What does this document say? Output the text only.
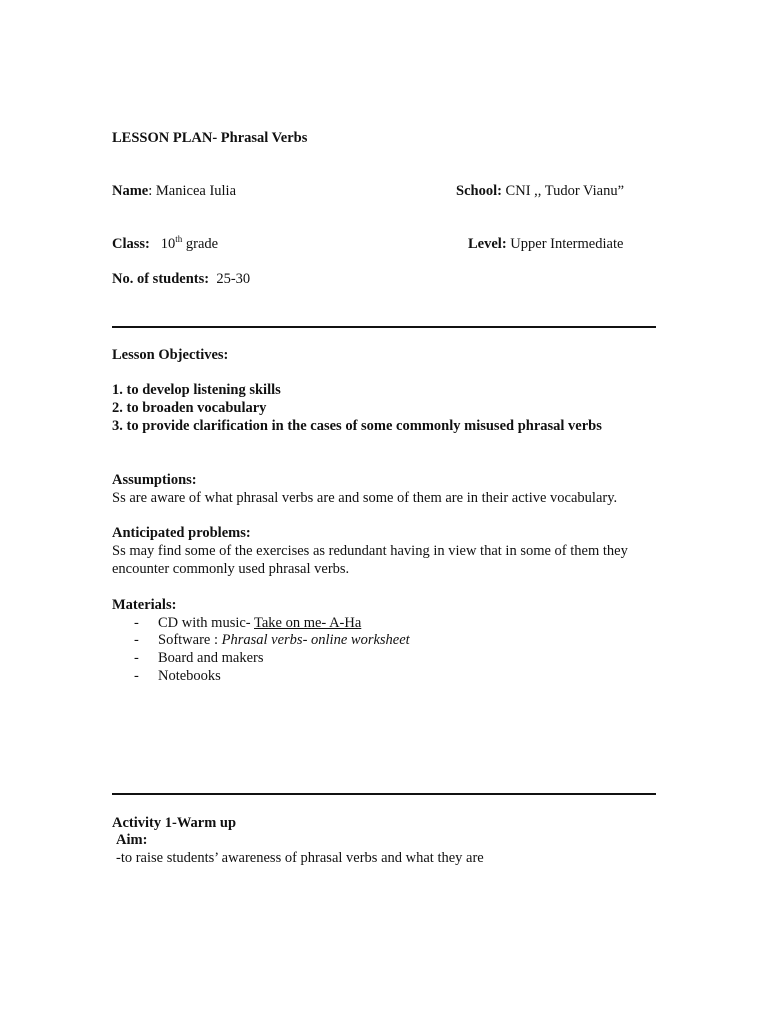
LESSON PLAN- Phrasal Verbs
Name: Manicea Iulia	School: CNI ,, Tudor Vianu”
Class: 10th grade	Level: Upper Intermediate
No. of students: 25-30
Lesson Objectives:
1. to develop listening skills
2. to broaden vocabulary
3. to provide clarification in the cases of some commonly misused phrasal verbs
Assumptions:
Ss are aware of what phrasal verbs are and some of them are in their active vocabulary.
Anticipated problems:
Ss may find some of the exercises as redundant having in view that in some of them they
encounter commonly used phrasal verbs.
Materials:
- CD with music- Take on me- A-Ha
- Software : Phrasal verbs- online worksheet
- Board and makers
- Notebooks
Activity 1-Warm up
Aim:
-to raise students’ awareness of phrasal verbs and what they are
